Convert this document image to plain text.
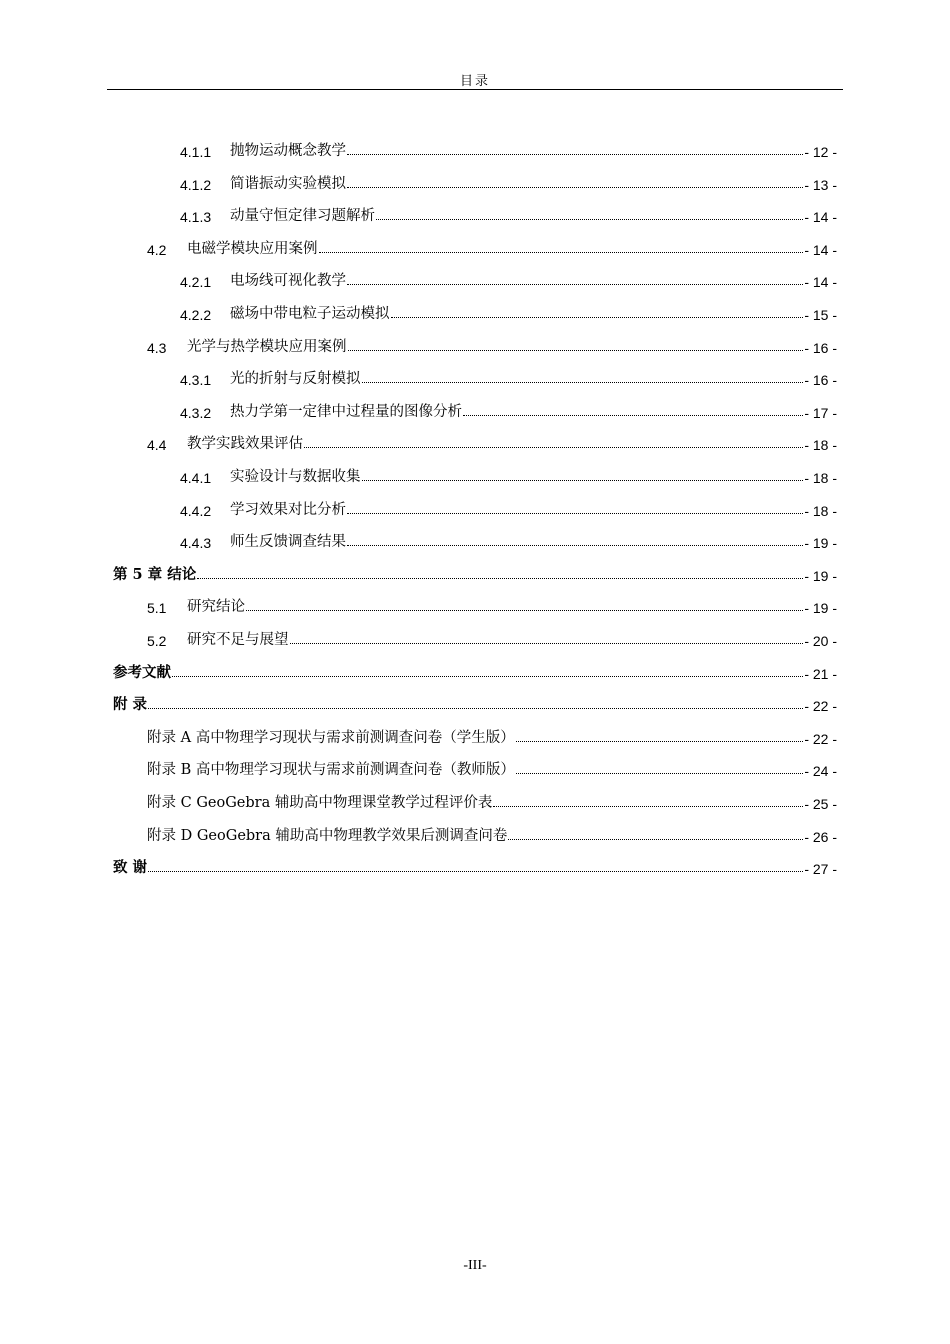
目录
4.1.1	抛物运动概念教学	- 12 -
4.1.2	简谐振动实验模拟	- 13 -
4.1.3	动量守恒定律习题解析	- 14 -
4.2	电磁学模块应用案例	- 14 -
4.2.1	电场线可视化教学	- 14 -
4.2.2	磁场中带电粒子运动模拟	- 15 -
4.3	光学与热学模块应用案例	- 16 -
4.3.1	光的折射与反射模拟	- 16 -
4.3.2	热力学第一定律中过程量的图像分析	- 17 -
4.4	教学实践效果评估	- 18 -
4.4.1	实验设计与数据收集	- 18 -
4.4.2	学习效果对比分析	- 18 -
4.4.3	师生反馈调查结果	- 19 -
第 5 章 结论	- 19 -
5.1	研究结论	- 19 -
5.2	研究不足与展望	- 20 -
参考文献	- 21 -
附 录	- 22 -
附录 A 高中物理学习现状与需求前测调查问卷（学生版）	- 22 -
附录 B 高中物理学习现状与需求前测调查问卷（教师版）	- 24 -
附录 C GeoGebra 辅助高中物理课堂教学过程评价表	- 25 -
附录 D GeoGebra 辅助高中物理教学效果后测调查问卷	- 26 -
致 谢	- 27 -
-III-
